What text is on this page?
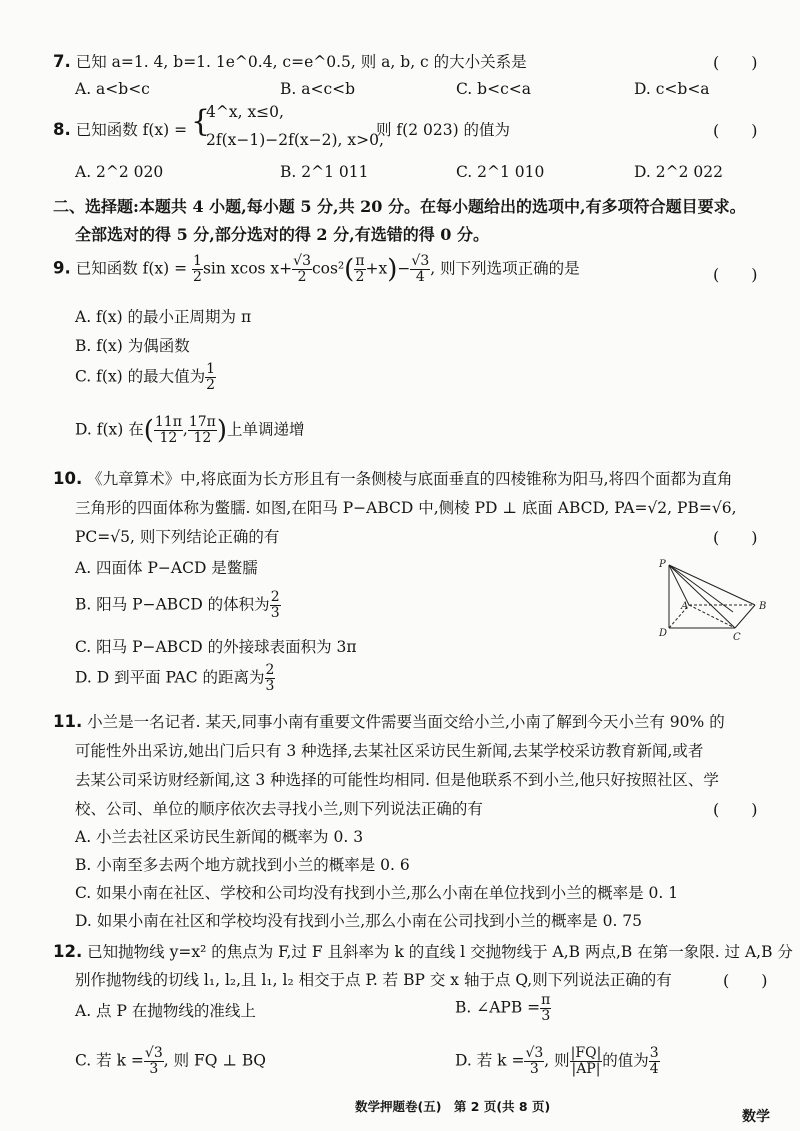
7. 已知 a=1. 4, b=1. 1e^0.4, c=e^0.5, 则 a, b, c 的大小关系是	(　　)
A. a<b<c	B. a<c<b	C. b<c<a	D. c<b<a
8. 已知函数 f(x) = {
4^x, x≤0,
2f(x−1)−2f(x−2), x>0,
则 f(2 023) 的值为	(　　)
A. 2^2 020	B. 2^1 011	C. 2^1 010	D. 2^2 022
二、选择题:本题共 4 小题,每小题 5 分,共 20 分。在每小题给出的选项中,有多项符合题目要求。
全部选对的得 5 分,部分选对的得 2 分,有选错的得 0 分。
9. 已知函数 $f(x) = \frac{1}{2}$ sin xcos $x+ \frac{√3}{2} \cos^2( \frac{\pi}{2} +x)- \frac{√3}{4}$ , 则下列选项正确的是	(　　)
A. f(x) 的最小正周期为 π
B. f(x) 为偶函数
C. f(x) 的最大值为 $\frac{1}{2}$
D. f(x) 在( $\frac{11\pi}{12}$ , $\frac{17\pi}{12}$ )上单调递增
10. 《九章算术》中,将底面为长方形且有一条侧棱与底面垂直的四棱锥称为阳马,将四个面都为直角
三角形的四面体称为鳖臑. 如图,在阳马 P−ABCD 中,侧棱 PD ⊥ 底面 ABCD, PA=√2, PB=√6,
PC=√5, 则下列结论正确的有	(　　)
A. 四面体 P−ACD 是鳖臑
B. 阳马 P−ABCD 的体积为 $\frac{2}{3}$
C. 阳马 P−ABCD 的外接球表面积为 3π
D. D 到平面 PAC 的距离为 $\frac{2}{3}$
P
A	B
C
D
11. 小兰是一名记者. 某天,同事小南有重要文件需要当面交给小兰,小南了解到今天小兰有 90% 的
可能性外出采访,她出门后只有 3 种选择,去某社区采访民生新闻,去某学校采访教育新闻,或者
去某公司采访财经新闻,这 3 种选择的可能性均相同. 但是他联系不到小兰,他只好按照社区、学
校、公司、单位的顺序依次去寻找小兰,则下列说法正确的有	(　　)
A. 小兰去社区采访民生新闻的概率为 0. 3
B. 小南至多去两个地方就找到小兰的概率是 0. 6
C. 如果小南在社区、学校和公司均没有找到小兰,那么小南在单位找到小兰的概率是 0. 1
D. 如果小南在社区和学校均没有找到小兰,那么小南在公司找到小兰的概率是 0. 75
12. 已知抛物线 y=x² 的焦点为 F,过 F 且斜率为 k 的直线 l 交抛物线于 A,B 两点,B 在第一象限. 过 A,B 分
别作抛物线的切线 l₁, l₂,且 l₁, l₂ 相交于点 P. 若 BP 交 x 轴于点 Q,则下列说法正确的有	(　　)
A. 点 P 在抛物线的准线上	B. ∠APB = $\frac{\pi}{3}$
C. 若 $k = \frac{√3}{3}$ , 则 FQ ⊥ BQ	D. 若 $k = \frac{√3}{3}$ , 则 $\frac{|FQ|}{|AP|}$ 的值为 $\frac{3}{4}$
数学押题卷(五)　第 2 页(共 8 页)
数学
